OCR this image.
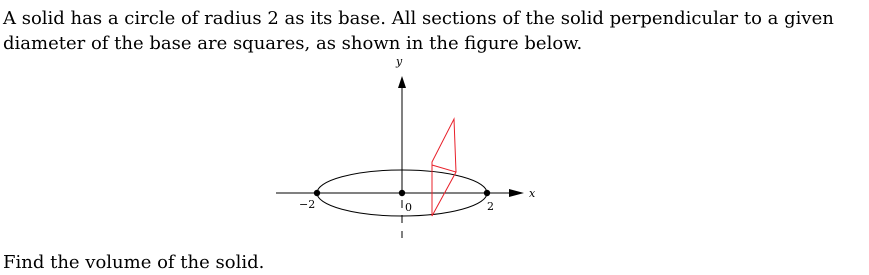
A solid has a circle of radius 2 as its base. All sections of the solid perpendicular to a given diameter of the base are squares, as shown in the figure below.

x
y
−2	0	2

Find the volume of the solid.
